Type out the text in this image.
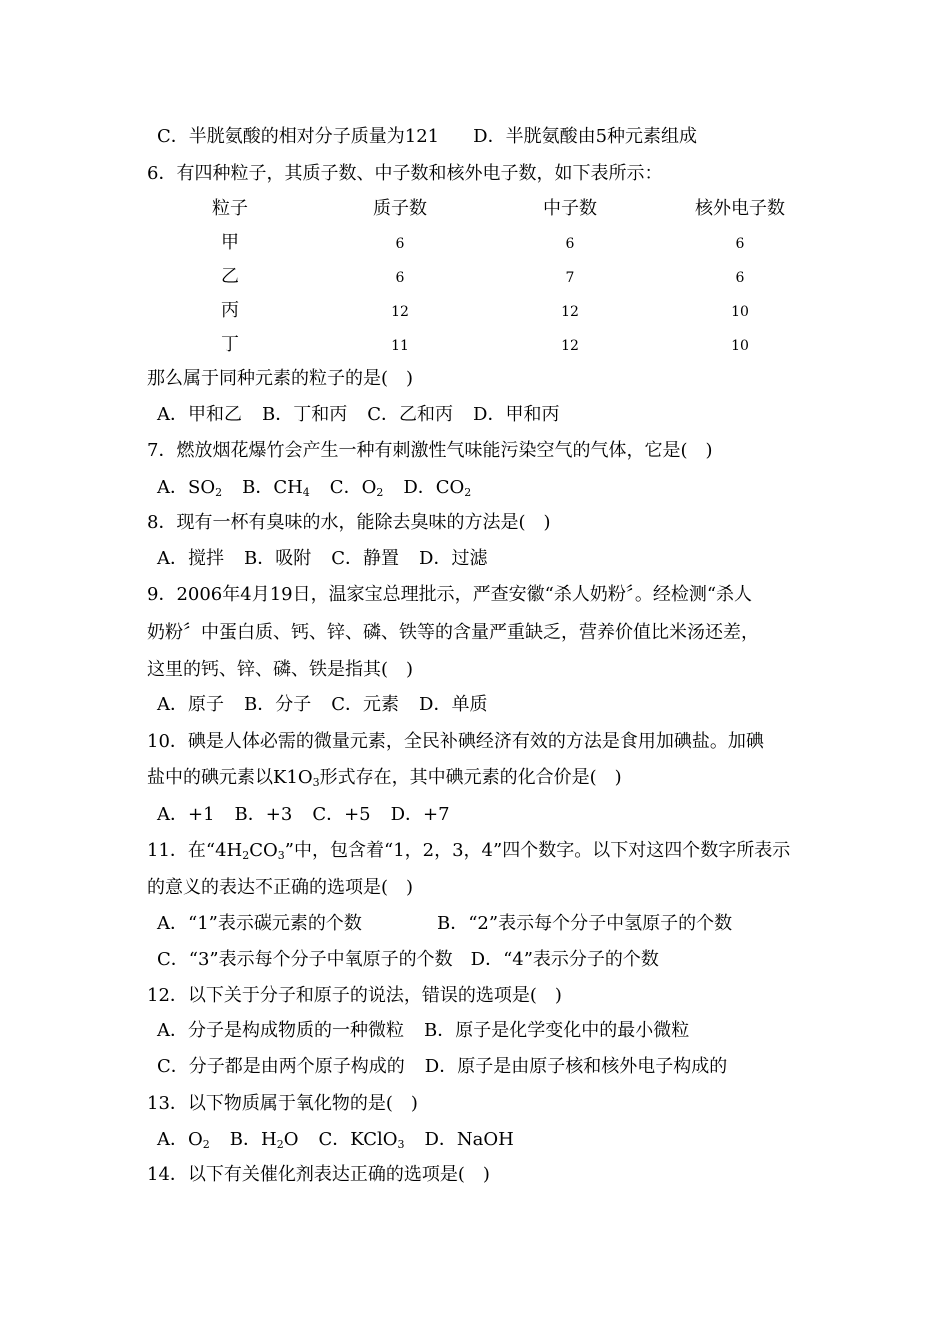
C．半胱氨酸的相对分子质量为121 D．半胱氨酸由5种元素组成
6．有四种粒子，其质子数、中子数和核外电子数，如下表所示：
粒子	质子数	中子数	核外电子数
甲	6	6	6
乙	6	7	6
丙	12	12	10
丁	11	12	10
那么属于同种元素的粒子的是(　)
A．甲和乙 B．丁和丙 C．乙和丙 D．甲和丙
7．燃放烟花爆竹会产生一种有刺激性气味能污染空气的气体，它是(　)
A．$SO_2$ B．$CH_4$ C．$O_2$ D．$CO_2$
8．现有一杯有臭味的水，能除去臭味的方法是(　)
A．搅拌 B．吸附 C．静置 D．过滤
9．2006年4月19日，温家宝总理批示，严查安徽“杀人奶粉〞。经检测“杀人
奶粉〞中蛋白质、钙、锌、磷、铁等的含量严重缺乏，营养价值比米汤还差，
这里的钙、锌、磷、铁是指其(　)
A．原子 B．分子 C．元素 D．单质
10．碘是人体必需的微量元素，全民补碘经济有效的方法是食用加碘盐。加碘
盐中的碘元素以$K1O_3$形式存在，其中碘元素的化合价是(　)
A．+1 B．+3 C．+5 D．+7
11．在“$4H_2CO_3$”中，包含着“1，2，3，4”四个数字。以下对这四个数字所表示
的意义的表达不正确的选项是(　)
A．“1”表示碳元素的个数	B．“2”表示每个分子中氢原子的个数
C．“3”表示每个分子中氧原子的个数 D．“4”表示分子的个数
12．以下关于分子和原子的说法，错误的选项是(　)
A．分子是构成物质的一种微粒 B．原子是化学变化中的最小微粒
C．分子都是由两个原子构成的 D．原子是由原子核和核外电子构成的
13．以下物质属于氧化物的是(　)
A．$O_2$ B．$H_2O$ C．KClO$_3$ D．NaOH
14．以下有关催化剂表达正确的选项是(　)
